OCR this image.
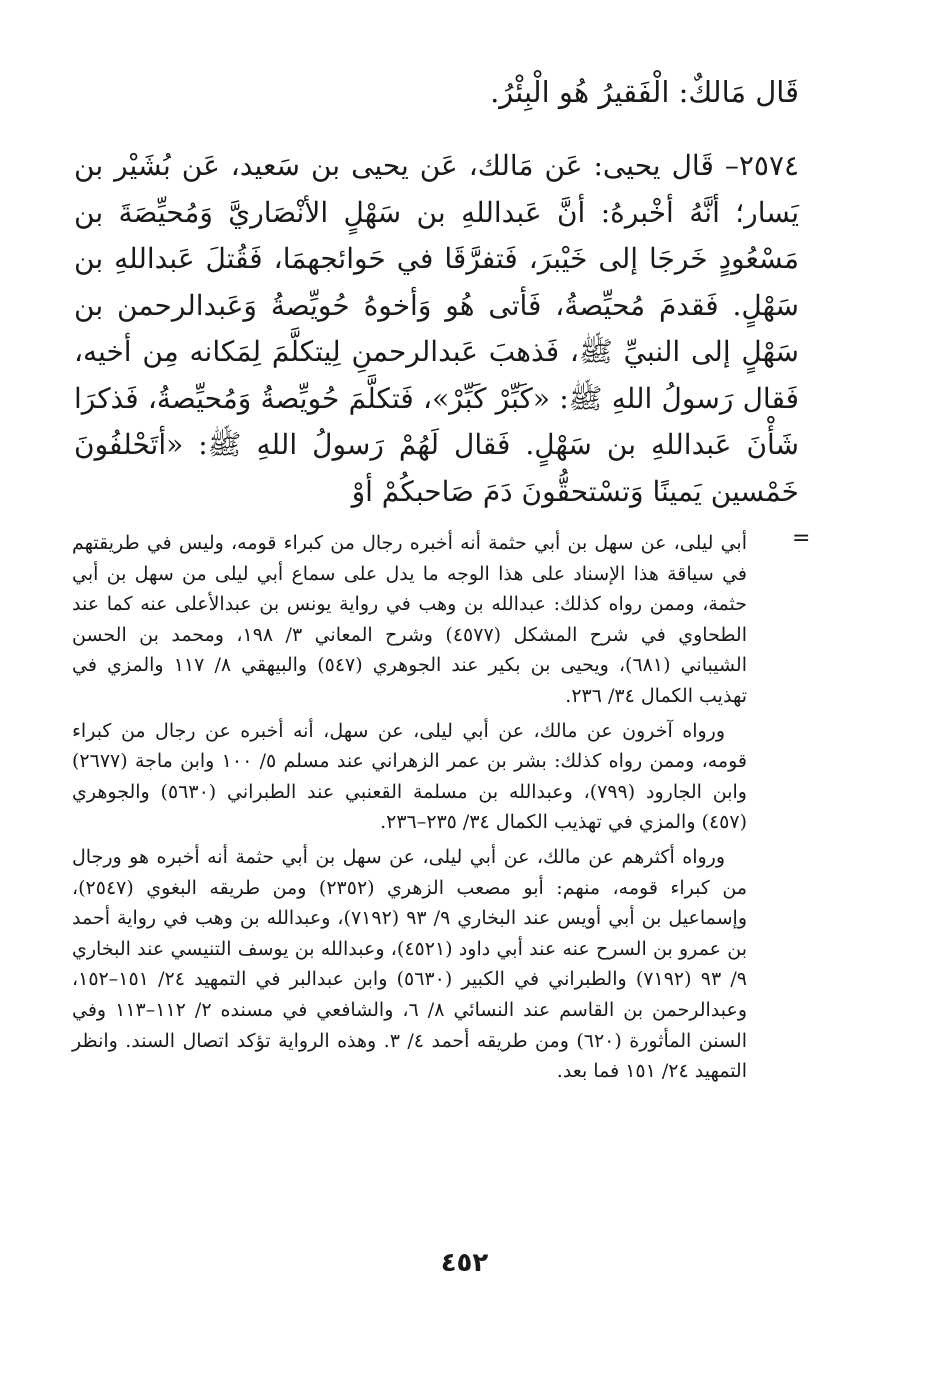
قَال مَالكٌ: الْفَقيرُ هُو الْبِئْرُ.
٢٥٧٤– قَال يحيى: عَن مَالك، عَن يحيى بن سَعيد، عَن بُشَيْر بن يَسار؛ أنَّهُ أخْبرهُ: أنَّ عَبداللهِ بن سَهْلٍ الأنْصَاريَّ وَمُحيِّصَةَ بن مَسْعُودٍ خَرجَا إلى خَيْبرَ، فَتفرَّقَا في حَوائجهمَا، فَقُتلَ عَبداللهِ بن سَهْلٍ. فَقدمَ مُحيِّصةُ، فَأتى هُو وَأخوهُ حُويِّصةُ وَعَبدالرحمن بن سَهْلٍ إلى النبيِّ ﷺ، فَذهبَ عَبدالرحمنِ لِيتكلَّمَ لِمَكانه مِن أخيه، فَقال رَسولُ اللهِ ﷺ: «كَبِّرْ كَبِّرْ»، فَتكلَّمَ حُويِّصةُ وَمُحيِّصةُ، فَذكرَا شَأْنَ عَبداللهِ بن سَهْلٍ. فَقال لَهُمْ رَسولُ اللهِ ﷺ: «أتَحْلفُونَ خَمْسين يَمينًا وَتسْتحقُّونَ دَمَ صَاحبكُمْ أوْ
=

أبي ليلى، عن سهل بن أبي حثمة أنه أخبره رجال من كبراء قومه، وليس في طريقتهم في سياقة هذا الإسناد على هذا الوجه ما يدل على سماع أبي ليلى من سهل بن أبي حثمة، وممن رواه كذلك: عبدالله بن وهب في رواية يونس بن عبدالأعلى عنه كما عند الطحاوي في شرح المشكل (٤٥٧٧) وشرح المعاني ٣/ ١٩٨، ومحمد بن الحسن الشيباني (٦٨١)، ويحيى بن بكير عند الجوهري (٥٤٧) والبيهقي ٨/ ١١٧ والمزي في تهذيب الكمال ٣٤/ ٢٣٦.

ورواه آخرون عن مالك، عن أبي ليلى، عن سهل، أنه أخبره عن رجال من كبراء قومه، وممن رواه كذلك: بشر بن عمر الزهراني عند مسلم ٥/ ١٠٠ وابن ماجة (٢٦٧٧) وابن الجارود (٧٩٩)، وعبدالله بن مسلمة القعنبي عند الطبراني (٥٦٣٠) والجوهري (٤٥٧) والمزي في تهذيب الكمال ٣٤/ ٢٣٥–٢٣٦.

ورواه أكثرهم عن مالك، عن أبي ليلى، عن سهل بن أبي حثمة أنه أخبره هو ورجال من كبراء قومه، منهم: أبو مصعب الزهري (٢٣٥٢) ومن طريقه البغوي (٢٥٤٧)، وإسماعيل بن أبي أويس عند البخاري ٩/ ٩٣ (٧١٩٢)، وعبدالله بن وهب في رواية أحمد بن عمرو بن السرح عنه عند أبي داود (٤٥٢١)، وعبدالله بن يوسف التنيسي عند البخاري ٩/ ٩٣ (٧١٩٢) والطبراني في الكبير (٥٦٣٠) وابن عبدالبر في التمهيد ٢٤/ ١٥١–١٥٢، وعبدالرحمن بن القاسم عند النسائي ٨/ ٦، والشافعي في مسنده ٢/ ١١٢–١١٣ وفي السنن المأثورة (٦٢٠) ومن طريقه أحمد ٤/ ٣. وهذه الرواية تؤكد اتصال السند. وانظر التمهيد ٢٤/ ١٥١ فما بعد.

٤٥٢
